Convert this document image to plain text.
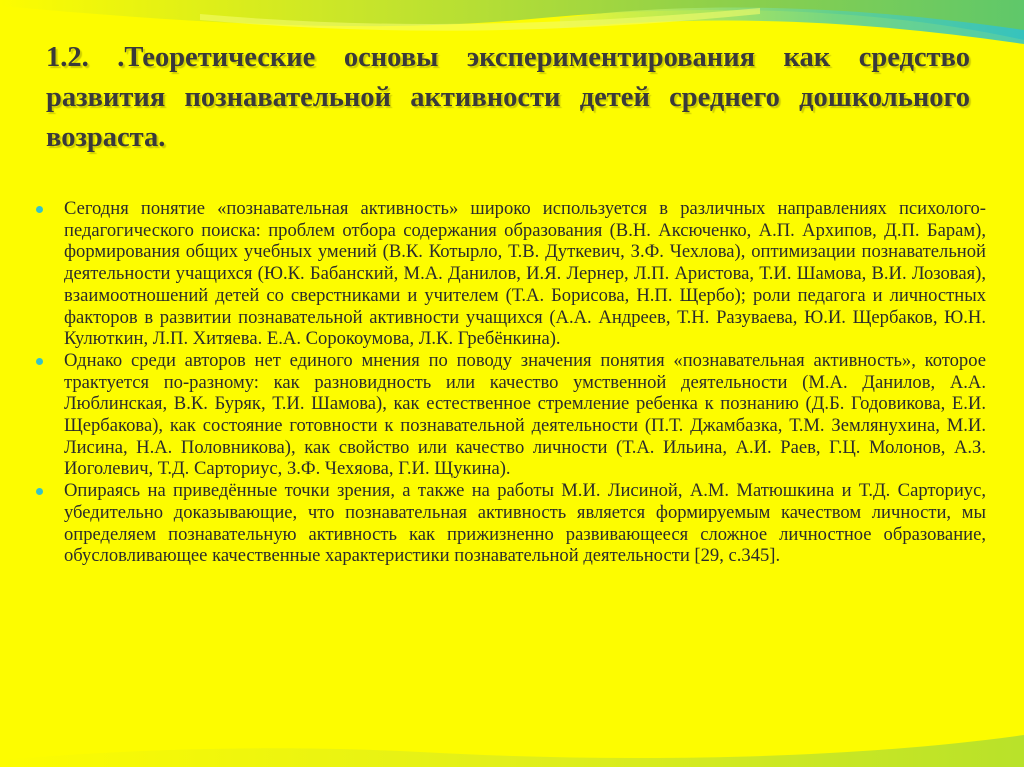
1.2. .Теоретические основы экспериментирования как средство развития познавательной активности детей среднего дошкольного возраста.
Сегодня понятие «познавательная активность» широко используется в различных направлениях психолого-педагогического поиска: проблем отбора содержания образования (В.Н. Аксюченко, А.П. Архипов, Д.П. Барам), формирования общих учебных умений (В.К. Котырло, Т.В. Дуткевич, З.Ф. Чехлова), оптимизации познавательной деятельности учащихся (Ю.К. Бабанский, М.А. Данилов, И.Я. Лернер, Л.П. Аристова, Т.И. Шамова, В.И. Лозовая), взаимоотношений детей со сверстниками и учителем (Т.А. Борисова, Н.П. Щербо); роли педагога и личностных факторов в развитии познавательной активности учащихся (А.А. Андреев, Т.Н. Разуваева, Ю.И. Щербаков, Ю.Н. Кулюткин, Л.П. Хитяева. Е.А. Сорокоумова, Л.К. Гребёнкина).
Однако среди авторов нет единого мнения по поводу значения понятия «познавательная активность», которое трактуется по-разному: как разновидность или качество умственной деятельности (М.А. Данилов, А.А. Люблинская, В.К. Буряк, Т.И. Шамова), как естественное стремление ребенка к познанию (Д.Б. Годовикова, Е.И. Щербакова), как состояние готовности к познавательной деятельности (П.Т. Джамбазка, Т.М. Землянухина, М.И. Лисина, Н.А. Половникова), как свойство или качество личности (Т.А. Ильина, А.И. Раев, Г.Ц. Молонов, А.З. Иоголевич, Т.Д. Сарториус, З.Ф. Чехяова, Г.И. Щукина).
Опираясь на приведённые точки зрения, а также на работы М.И. Лисиной, А.М. Матюшкина и Т.Д. Сарториус, убедительно доказывающие, что познавательная активность является формируемым качеством личности, мы определяем познавательную активность как прижизненно развивающееся сложное личностное образование, обусловливающее качественные характеристики познавательной деятельности [29, с.345].
